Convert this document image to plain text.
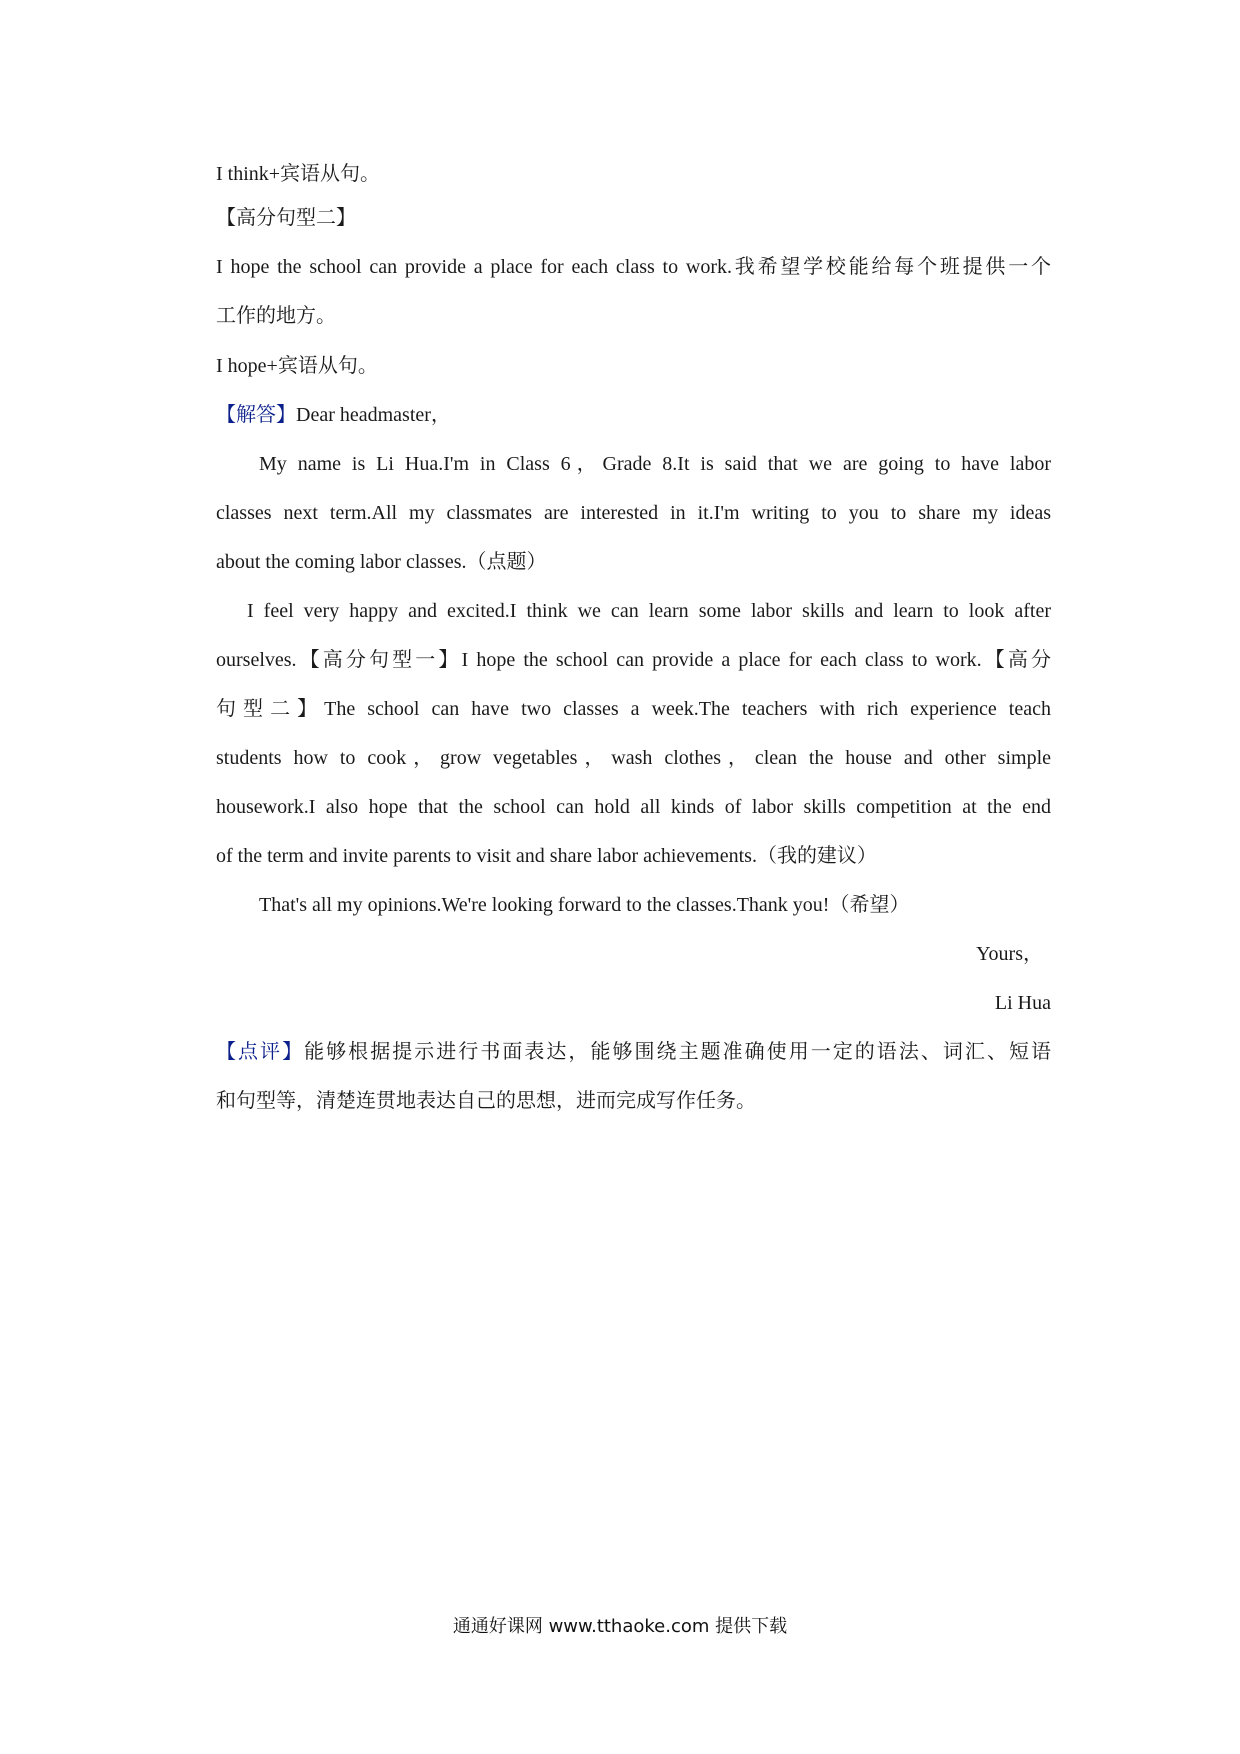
I think+宾语从句。
【高分句型二】
I hope the school can provide a place for each class to work.我希望学校能给每个班提供一个
工作的地方。
I hope+宾语从句。
【解答】Dear headmaster，
My name is Li Hua.I'm in Class 6，Grade 8.It is said that we are going to have labor
classes next term.All my classmates are interested in it.I'm writing to you to share my ideas
about the coming labor classes.（点题）
I feel very happy and excited.I think we can learn some labor skills and learn to look after
ourselves.【高分句型一】I hope the school can provide a place for each class to work.【高分
句型二】The school can have two classes a week.The teachers with rich experience teach
students how to cook，grow vegetables，wash clothes，clean the house and other simple
housework.I also hope that the school can hold all kinds of labor skills competition at the end
of the term and invite parents to visit and share labor achievements.（我的建议）
That's all my opinions.We're looking forward to the classes.Thank you!（希望）
Yours，
Li Hua
【点评】能够根据提示进行书面表达，能够围绕主题准确使用一定的语法、词汇、短语
和句型等，清楚连贯地表达自己的思想，进而完成写作任务。
通通好课网 www.tthaoke.com 提供下载
